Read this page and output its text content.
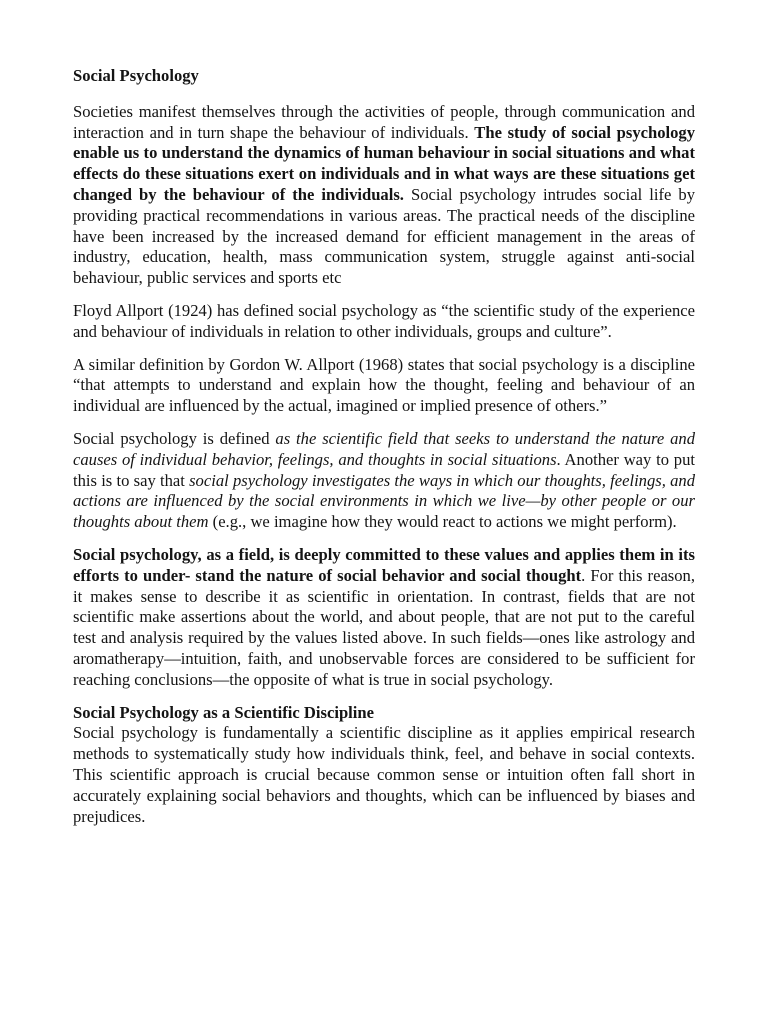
Social Psychology

Societies manifest themselves through the activities of people, through communication and interaction and in turn shape the behaviour of individuals. The study of social psychology enable us to understand the dynamics of human behaviour in social situations and what effects do these situations exert on individuals and in what ways are these situations get changed by the behaviour of the individuals. Social psychology intrudes social life by providing practical recommendations in various areas. The practical needs of the discipline have been increased by the increased demand for efficient management in the areas of industry, education, health, mass communication system, struggle against anti-social behaviour, public services and sports etc

Floyd Allport (1924) has defined social psychology as “the scientific study of the experience and behaviour of individuals in relation to other individuals, groups and culture”.

A similar definition by Gordon W. Allport (1968) states that social psychology is a discipline “that attempts to understand and explain how the thought, feeling and behaviour of an individual are influenced by the actual, imagined or implied presence of others.”

Social psychology is defined as the scientific field that seeks to understand the nature and causes of individual behavior, feelings, and thoughts in social situations. Another way to put this is to say that social psychology investigates the ways in which our thoughts, feelings, and actions are influenced by the social environments in which we live—by other people or our thoughts about them (e.g., we imagine how they would react to actions we might perform).

Social psychology, as a field, is deeply committed to these values and applies them in its efforts to under- stand the nature of social behavior and social thought. For this reason, it makes sense to describe it as scientific in orientation. In contrast, fields that are not scientific make assertions about the world, and about people, that are not put to the careful test and analysis required by the values listed above. In such fields—ones like astrology and aromatherapy—intuition, faith, and unobservable forces are considered to be sufficient for reaching conclusions—the opposite of what is true in social psychology.

Social Psychology as a Scientific Discipline

Social psychology is fundamentally a scientific discipline as it applies empirical research methods to systematically study how individuals think, feel, and behave in social contexts. This scientific approach is crucial because common sense or intuition often fall short in accurately explaining social behaviors and thoughts, which can be influenced by biases and prejudices.
